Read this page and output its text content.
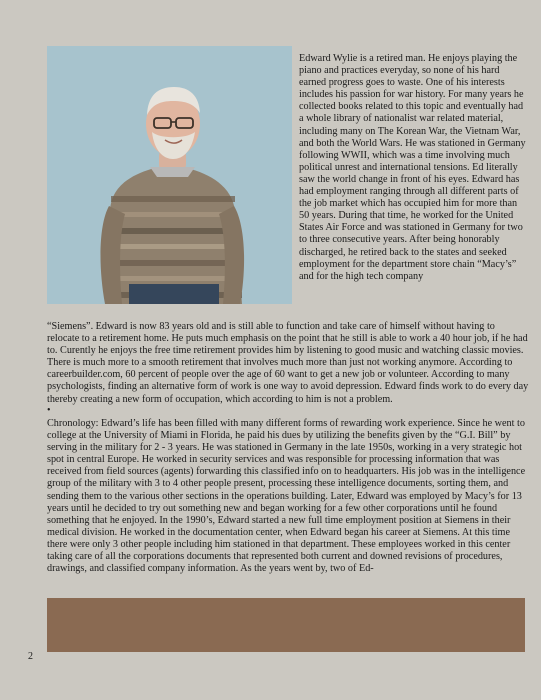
Edward Wylie is a retired man. He enjoys playing the piano and practices everyday, so none of his hard earned progress goes to waste. One of his interests includes his passion for war history. For many years he collected books related to this topic and eventually had a whole library of nationalist war related material, including many on The Korean War, the Vietnam War, and both the World Wars. He was stationed in Germany following WWII, which was a time involving much political unrest and international tensions. Ed literally saw the world change in front of his eyes. Edward has had employment ranging through all different parts of the job market which has occupied him for more than 50 years. During that time, he worked for the United States Air Force and was stationed in Germany for two to three consecutive years. After being honorably discharged, he retired back to the states and seeked employment for the department store chain “Macy’s” and for the high tech company

“Siemens”. Edward is now 83 years old and is still able to function and take care of himself without having to relocate to a retirement home. He puts much emphasis on the point that he still is able to work a 40 hour job, if he had to. Curently he enjoys the free time retirement provides him by listening to good music and watching classic movies. There is much more to a smooth retirement that involves much more than just not working anymore. According to careerbuilder.com, 60 percent of people over the age of 60 want to get a new job or volunteer. According to many psychologists, finding an alternative form of work is one way to avoid depression. Edward finds work to do every day thereby creating a new form of occupation, which according to him is not a problem.

•

Chronology: Edward’s life has been filled with many different forms of rewarding work experience. Since he went to college at the University of Miami in Florida, he paid his dues by utilizing the benefits given by the “G.I. Bill” by serving in the military for 2 - 3 years. He was stationed in Germany in the late 1950s, working in a very strategic hot spot in central Europe. He worked in security services and was responsible for processing information that was received from field sources (agents) forwarding this classified info on to headquarters. His job was in the intelligence group of the military with 3 to 4 other people present, processing these intelligence documents, sorting them, and sending them to the various other sections in the operations building. Later, Edward was employed by Macy’s for 13 years until he decided to try out something new and began working for a few other corporations until he found something that he enjoyed. In the 1990’s, Edward started a new full time employment position at Siemens in their medical division. He worked in the documentation center, when Edward began his career at Siemens. At this time there were only 3 other people including him stationed in that department. These employees worked in this center taking care of all the corporations documents that represented both current and downed revisions of procedures, drawings, and classified company information. As the years went by, two of Ed-

2
